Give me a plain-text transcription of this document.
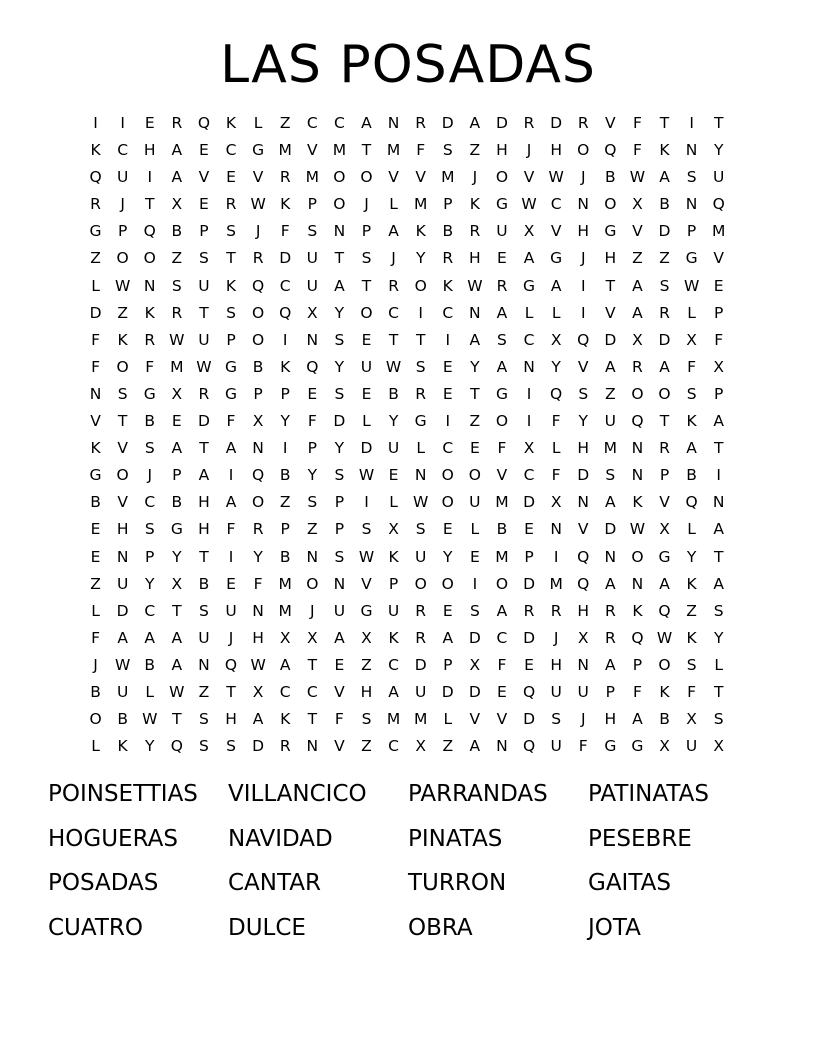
LAS POSADAS
I	I	E	R	Q	K	L	Z	C	C	A	N	R	D	A	D	R	D	R	V	F	T	I	T
K	C	H	A	E	C	G M V M	T	M	F	S	Z	H	J	H O Q	F	K	N	Y
Q U	I	A	V	E	V	R M O O	V	V M	J	O	V W	J	B W A	S	U
R	J	T	X	E	R W K	P	O	J	L	M	P	K	G W C	N O	X	B	N Q
G	P	Q	B	P	S	J	F	S	N	P	A	K	B	R	U	X	V	H G	V	D	P	M
Z	O O	Z	S	T	R	D U	T	S	J	Y	R	H	E	A	G	J	H	Z	Z	G	V
L W N	S	U	K	Q	C	U	A	T	R	O	K W R	G	A	I	T	A	S W E
D	Z	K	R	T	S	O Q	X	Y	O	C	I	C	N	A	L	L	I	V	A	R	L	P
F	K	R W U	P	O	I	N	S	E	T	T	I	A	S	C	X	Q D	X	D	X	F
F	O	F	M W G	B	K	Q	Y	U W S	E	Y	A	N	Y	V	A	R	A	F	X
N	S	G	X	R	G	P	P	E	S	E	B	R	E	T	G	I	Q	S	Z	O O	S	P
V	T	B	E	D	F	X	Y	F	D	L	Y	G	I	Z	O	I	F	Y	U Q	T	K	A
K	V	S	A	T	A	N	I	P	Y	D U	L	C	E	F	X	L	H M N	R	A	T
G O	J	P	A	I	Q	B	Y	S W E	N O O	V	C	F	D	S	N	P	B	I
B	V	C	B	H	A	O	Z	S	P	I	L W O U M D	X	N	A	K	V	Q N
E	H	S	G H	F	R	P	Z	P	S	X	S	E	L	B	E	N	V	D W X	L	A
E	N	P	Y	T	I	Y	B	N	S W K	U	Y	E	M	P	I	Q N O G	Y	T
Z	U	Y	X	B	E	F	M O N	V	P	O O	I	O D M Q	A	N	A	K	A
L	D	C	T	S	U	N M	J	U G U	R	E	S	A	R	R	H	R	K	Q	Z	S
F	A	A	A	U	J	H	X	X	A	X	K	R	A	D	C	D	J	X	R	Q W K	Y
J	W B	A	N Q W A	T	E	Z	C	D	P	X	F	E	H N	A	P	O	S	L
B	U	L W Z	T	X	C	C	V	H	A	U D D	E	Q U	U	P	F	K	F	T
O	B W T	S	H	A	K	T	F	S M M	L	V	V	D	S	J	H	A	B	X	S
L	K	Y	Q	S	S	D	R	N	V	Z	C	X	Z	A	N Q U	F	G G	X	U	X
POINSETTIAS	VILLANCICO	PARRANDAS	PATINATAS
HOGUERAS	NAVIDAD	PINATAS	PESEBRE
POSADAS	CANTAR	TURRON	GAITAS
CUATRO	DULCE	OBRA	JOTA
